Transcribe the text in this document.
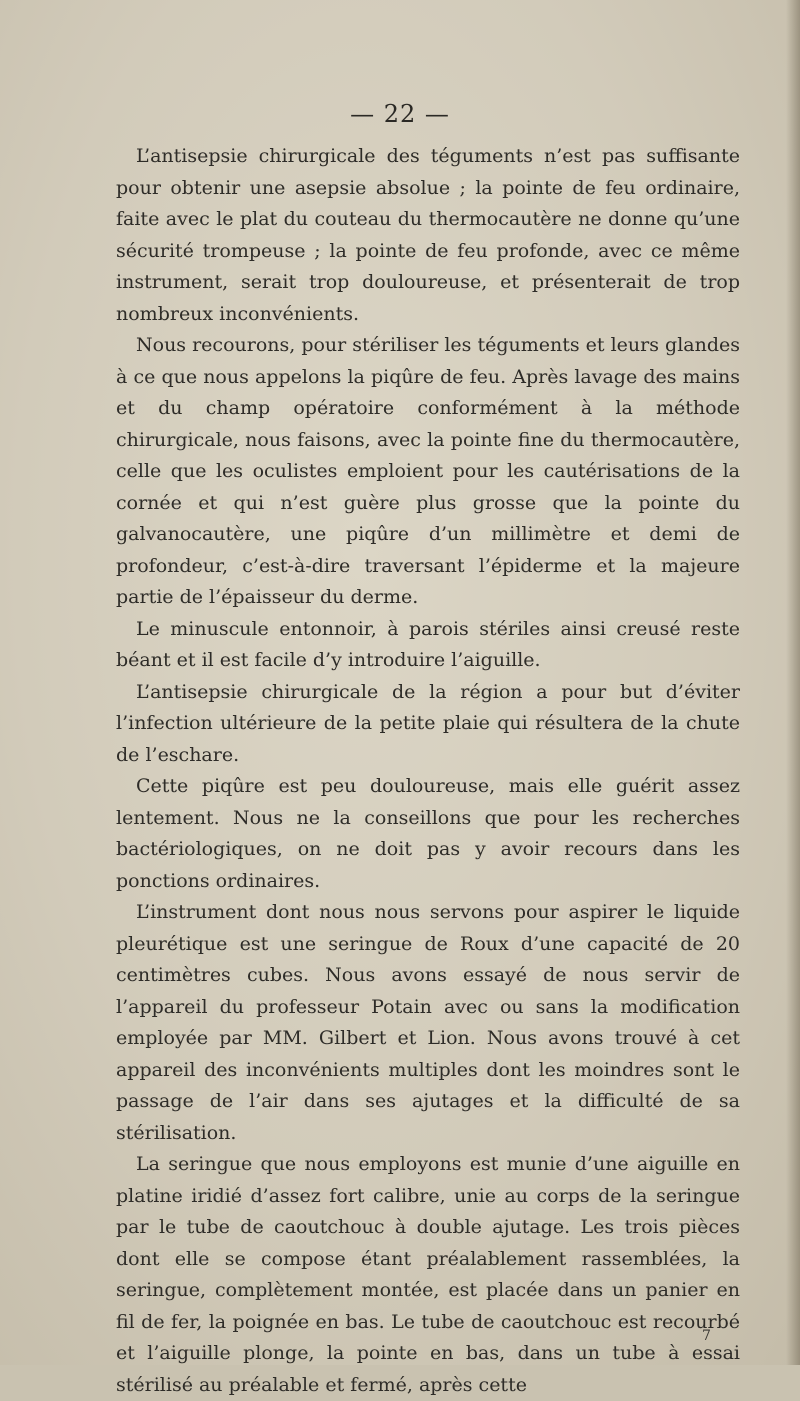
— 22 —

L’antisepsie chirurgicale des téguments n’est pas suffisante pour obtenir une asepsie absolue ; la pointe de feu ordinaire, faite avec le plat du couteau du thermocautère ne donne qu’une sécurité trompeuse ; la pointe de feu profonde, avec ce même instrument, serait trop douloureuse, et présenterait de trop nombreux inconvénients.

Nous recourons, pour stériliser les téguments et leurs glandes à ce que nous appelons la piqûre de feu. Après lavage des mains et du champ opératoire conformément à la méthode chirurgicale, nous faisons, avec la pointe fine du thermocautère, celle que les oculistes emploient pour les cautérisations de la cornée et qui n’est guère plus grosse que la pointe du galvanocautère, une piqûre d’un millimètre et demi de profondeur, c’est-à-dire traversant l’épiderme et la majeure partie de l’épaisseur du derme.

Le minuscule entonnoir, à parois stériles ainsi creusé reste béant et il est facile d’y introduire l’aiguille.

L’antisepsie chirurgicale de la région a pour but d’éviter l’infection ultérieure de la petite plaie qui résultera de la chute de l’eschare.

Cette piqûre est peu douloureuse, mais elle guérit assez lentement. Nous ne la conseillons que pour les recherches bactériologiques, on ne doit pas y avoir recours dans les ponctions ordinaires.

L’instrument dont nous nous servons pour aspirer le liquide pleurétique est une seringue de Roux d’une capacité de 20 centimètres cubes. Nous avons essayé de nous servir de l’appareil du professeur Potain avec ou sans la modification employée par MM. Gilbert et Lion. Nous avons trouvé à cet appareil des inconvénients multiples dont les moindres sont le passage de l’air dans ses ajutages et la difficulté de sa stérilisation.

La seringue que nous employons est munie d’une aiguille en platine iridié d’assez fort calibre, unie au corps de la seringue par le tube de caoutchouc à double ajutage. Les trois pièces dont elle se compose étant préalablement rassemblées, la seringue, complètement montée, est placée dans un panier en fil de fer, la poignée en bas. Le tube de caoutchouc est recourbé et l’aiguille plonge, la pointe en bas, dans un tube à essai stérilisé au préalable et fermé, après cette

7
